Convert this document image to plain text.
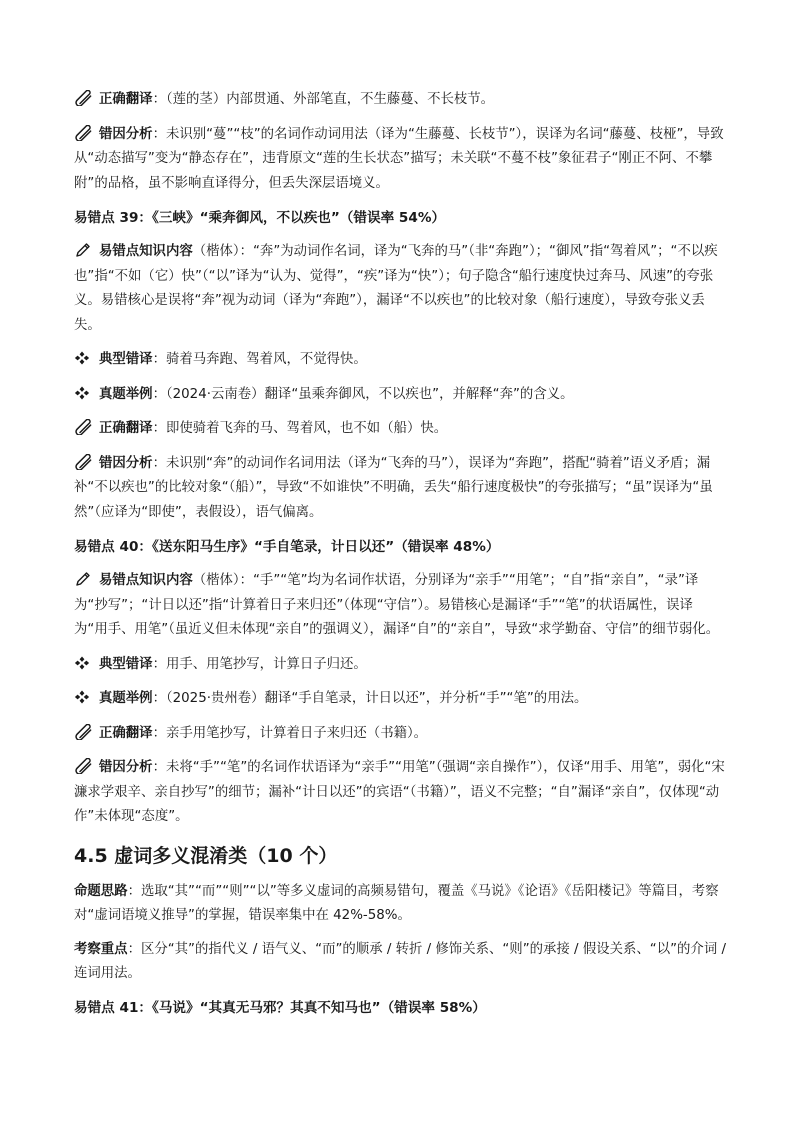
正确翻译：（莲的茎）内部贯通、外部笔直，不生藤蔓、不长枝节。

错因分析：未识别“蔓”“枝”的名词作动词用法（译为“生藤蔓、长枝节”），误译为名词“藤蔓、枝桠”，导致从“动态描写”变为“静态存在”，违背原文“莲的生长状态”描写；未关联“不蔓不枝”象征君子“刚正不阿、不攀附”的品格，虽不影响直译得分，但丢失深层语境义。

易错点 39：《三峡》“乘奔御风，不以疾也”（错误率 54%）

易错点知识内容（楷体）：“奔”为动词作名词，译为“飞奔的马”（非“奔跑”）；“御风”指“驾着风”；“不以疾也”指“不如（它）快”（“以”译为“认为、觉得”，“疾”译为“快”）；句子隐含“船行速度快过奔马、风速”的夸张义。易错核心是误将“奔”视为动词（译为“奔跑”），漏译“不以疾也”的比较对象（船行速度），导致夸张义丢失。

典型错译：骑着马奔跑、驾着风，不觉得快。

真题举例：（2024·云南卷）翻译“虽乘奔御风，不以疾也”，并解释“奔”的含义。

正确翻译：即使骑着飞奔的马、驾着风，也不如（船）快。

错因分析：未识别“奔”的动词作名词用法（译为“飞奔的马”），误译为“奔跑”，搭配“骑着”语义矛盾；漏补“不以疾也”的比较对象“（船）”，导致“不如谁快”不明确，丢失“船行速度极快”的夸张描写；“虽”误译为“虽然”（应译为“即使”，表假设），语气偏离。

易错点 40：《送东阳马生序》“手自笔录，计日以还”（错误率 48%）

易错点知识内容（楷体）：“手”“笔”均为名词作状语，分别译为“亲手”“用笔”；“自”指“亲自”，“录”译为“抄写”；“计日以还”指“计算着日子来归还”（体现“守信”）。易错核心是漏译“手”“笔”的状语属性，误译为“用手、用笔”（虽近义但未体现“亲自”的强调义），漏译“自”的“亲自”，导致“求学勤奋、守信”的细节弱化。

典型错译：用手、用笔抄写，计算日子归还。

真题举例：（2025·贵州卷）翻译“手自笔录，计日以还”，并分析“手”“笔”的用法。

正确翻译：亲手用笔抄写，计算着日子来归还（书籍）。

错因分析：未将“手”“笔”的名词作状语译为“亲手”“用笔”（强调“亲自操作”），仅译“用手、用笔”，弱化“宋濂求学艰辛、亲自抄写”的细节；漏补“计日以还”的宾语“（书籍）”，语义不完整；“自”漏译“亲自”，仅体现“动作”未体现“态度”。

4.5 虚词多义混淆类（10 个）

命题思路：选取“其”“而”“则”“以”等多义虚词的高频易错句，覆盖《马说》《论语》《岳阳楼记》等篇目，考察对“虚词语境义推导”的掌握，错误率集中在 42%-58%。

考察重点：区分“其”的指代义 / 语气义、“而”的顺承 / 转折 / 修饰关系、“则”的承接 / 假设关系、“以”的介词 / 连词用法。

易错点 41：《马说》“其真无马邪？其真不知马也”（错误率 58%）
